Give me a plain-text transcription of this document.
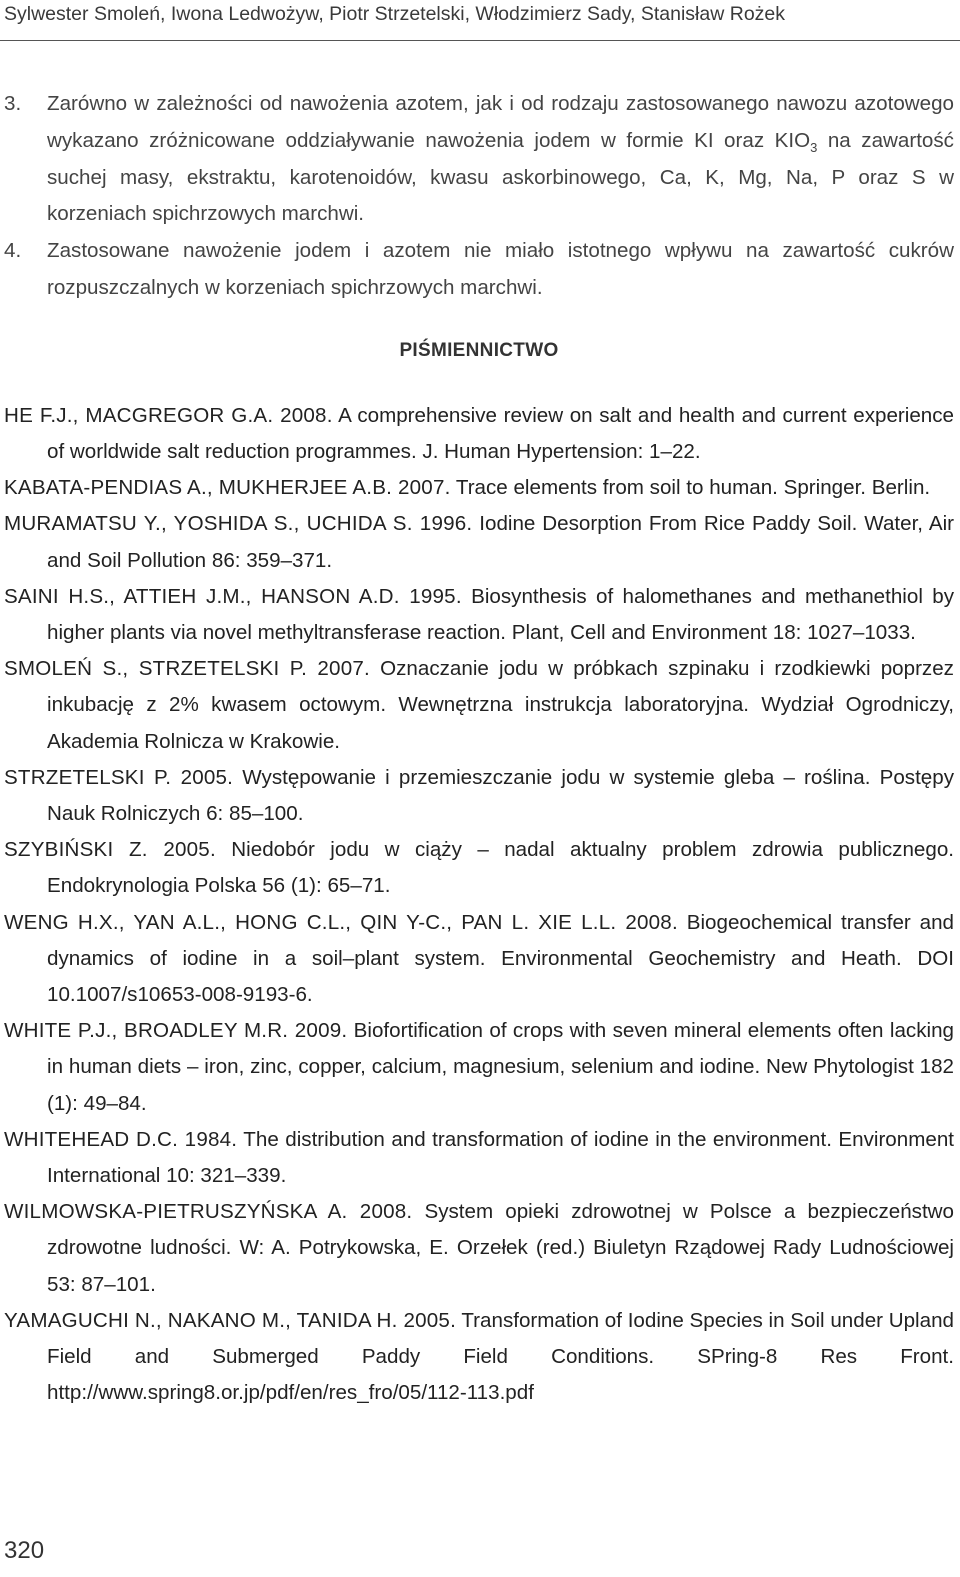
Sylwester Smoleń, Iwona Ledwożyw, Piotr Strzetelski, Włodzimierz Sady, Stanisław Rożek
3.	Zarówno w zależności od nawożenia azotem, jak i od rodzaju zastosowanego nawozu azotowego wykazano zróżnicowane oddziaływanie nawożenia jodem w formie KI oraz $KIO_3$ na zawartość suchej masy, ekstraktu, karotenoidów, kwasu askorbinowego, Ca, K, Mg, Na, P oraz S w korzeniach spichrzowych marchwi.
4.	Zastosowane nawożenie jodem i azotem nie miało istotnego wpływu na zawartość cukrów rozpuszczalnych w korzeniach spichrzowych marchwi.
PIŚMIENNICTWO
HE F.J., MACGREGOR G.A. 2008. A comprehensive review on salt and health and current experience of worldwide salt reduction programmes. J. Human Hypertension: 1–22.
KABATA-PENDIAS A., MUKHERJEE A.B. 2007. Trace elements from soil to human. Springer. Berlin.
MURAMATSU Y., YOSHIDA S., UCHIDA S. 1996. Iodine Desorption From Rice Paddy Soil. Water, Air and Soil Pollution 86: 359–371.
SAINI H.S., ATTIEH J.M., HANSON A.D. 1995. Biosynthesis of halomethanes and methanethiol by higher plants via novel methyltransferase reaction. Plant, Cell and Environment 18: 1027–1033.
SMOLEŃ S., STRZETELSKI P. 2007. Oznaczanie jodu w próbkach szpinaku i rzodkiewki poprzez inkubację z 2% kwasem octowym. Wewnętrzna instrukcja laboratoryjna. Wydział Ogrodniczy, Akademia Rolnicza w Krakowie.
STRZETELSKI P. 2005. Występowanie i przemieszczanie jodu w systemie gleba – roślina. Postępy Nauk Rolniczych 6: 85–100.
SZYBIŃSKI Z. 2005. Niedobór jodu w ciąży – nadal aktualny problem zdrowia publicznego. Endokrynologia Polska 56 (1): 65–71.
WENG H.X., YAN A.L., HONG C.L., QIN Y-C., PAN L. XIE L.L. 2008. Biogeochemical transfer and dynamics of iodine in a soil–plant system. Environmental Geochemistry and Heath. DOI 10.1007/s10653-008-9193-6.
WHITE P.J., BROADLEY M.R. 2009. Biofortification of crops with seven mineral elements often lacking in human diets – iron, zinc, copper, calcium, magnesium, selenium and iodine. New Phytologist 182 (1): 49–84.
WHITEHEAD D.C. 1984. The distribution and transformation of iodine in the environment. Environment International 10: 321–339.
WILMOWSKA-PIETRUSZYŃSKA A. 2008. System opieki zdrowotnej w Polsce a bezpieczeństwo zdrowotne ludności. W: A. Potrykowska, E. Orzełek (red.) Biuletyn Rządowej Rady Ludnościowej 53: 87–101.
YAMAGUCHI N., NAKANO M., TANIDA H. 2005. Transformation of Iodine Species in Soil under Upland Field and Submerged Paddy Field Conditions. SPring-8 Res Front. http://www.spring8.or.jp/pdf/en/res_fro/05/112-113.pdf
320
